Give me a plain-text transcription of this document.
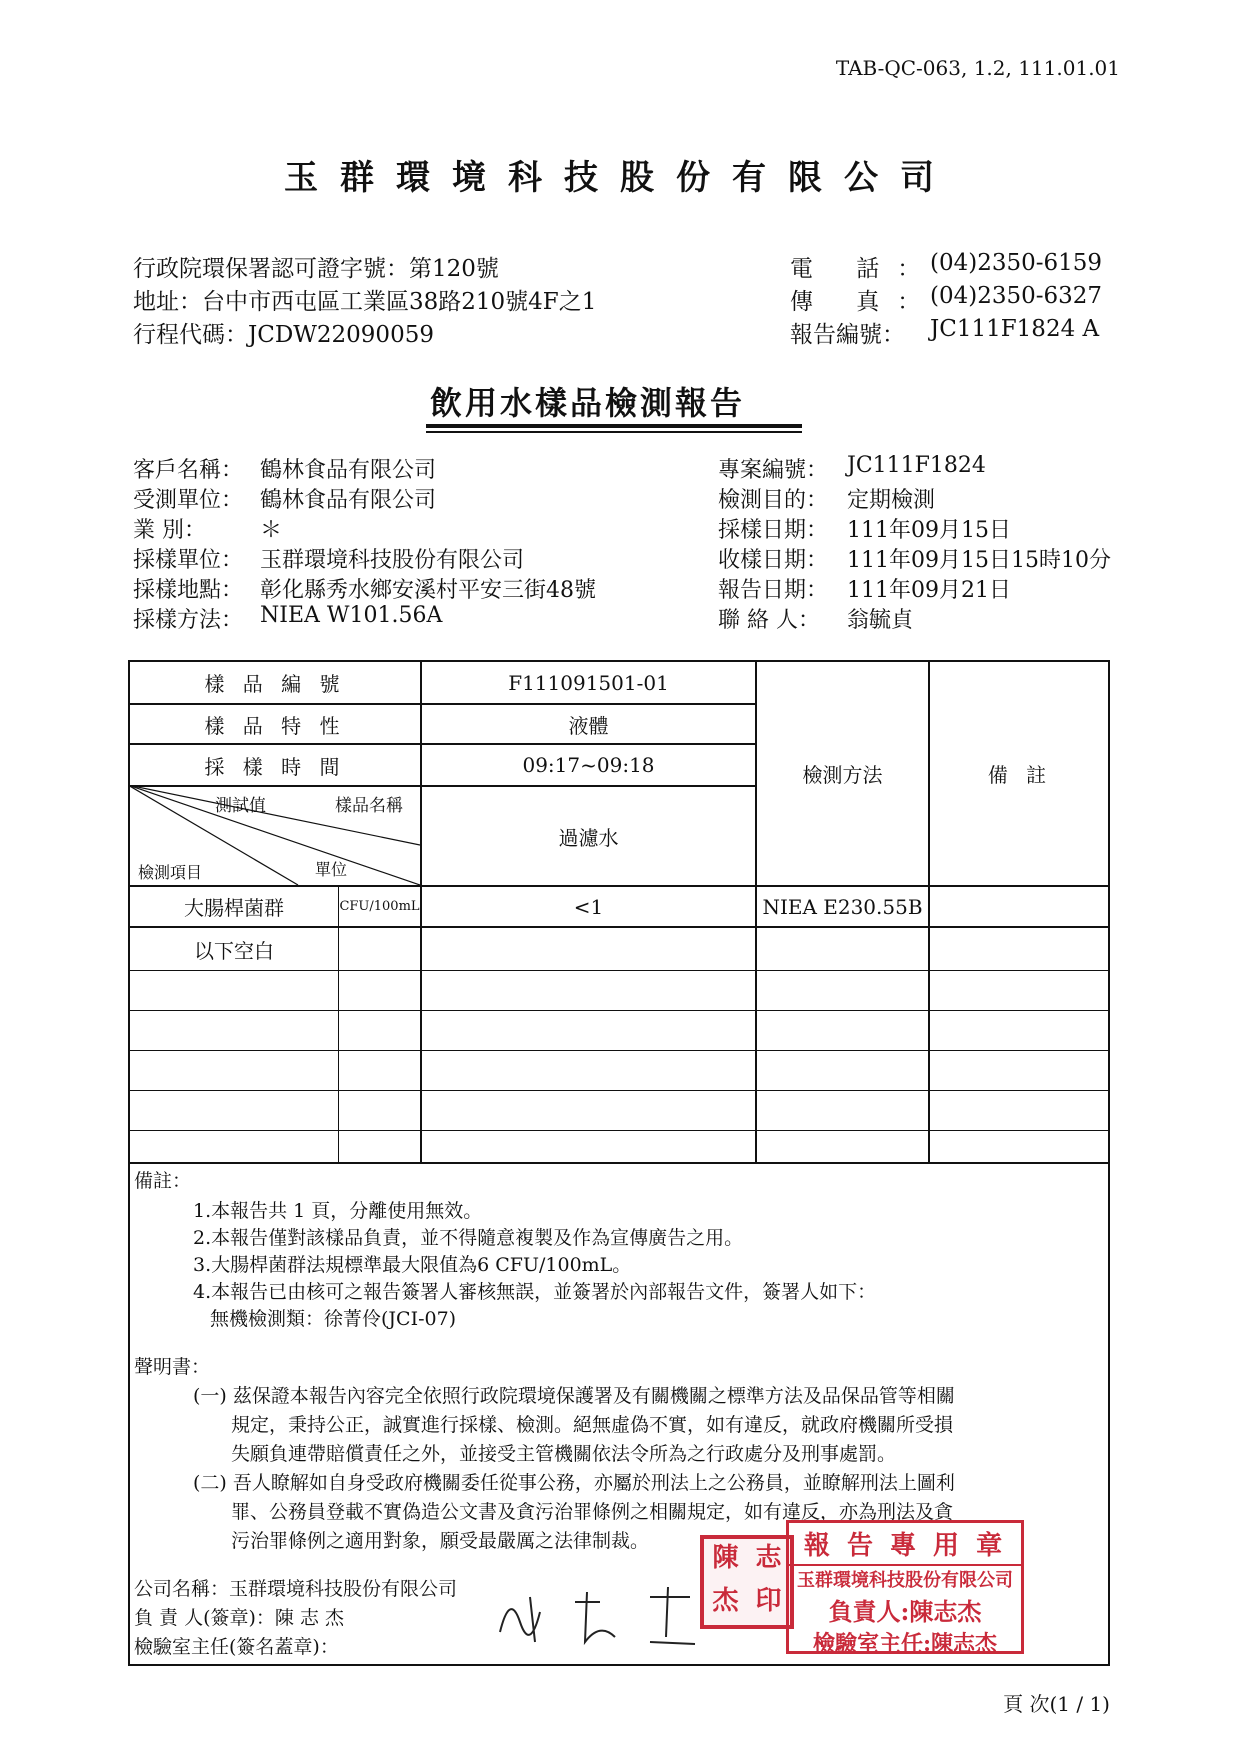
TAB-QC-063, 1.2, 111.01.01
玉群環境科技股份有限公司
行政院環保署認可證字號：第120號
地址：台中市西屯區工業區38路210號4F之1
行程代碼：JCDW22090059
電 話：
(04)2350-6159
傳 真：
(04)2350-6327
報告編號： JC111F1824 A
飲用水樣品檢測報告
客戶名稱： 鶴林食品有限公司
受測單位： 鶴林食品有限公司
業 別： ＊
採樣單位： 玉群環境科技股份有限公司
採樣地點： 彰化縣秀水鄉安溪村平安三街48號
採樣方法： NIEA W101.56A
專案編號： JC111F1824
檢測目的： 定期檢測
採樣日期： 111年09月15日
收樣日期： 111年09月15日15時10分
報告日期： 111年09月21日
聯 絡 人： 翁毓貞
樣 品 編 號	F111091501-01
樣 品 特 性	液體
採 樣 時 間	09:17~09:18	檢測方法	備 註
測試值	樣品名稱
檢測項目	單位
過濾水
大腸桿菌群	CFU/100mL	<1	NIEA E230.55B
以下空白
備註：
1.本報告共 1 頁，分離使用無效。
2.本報告僅對該樣品負責，並不得隨意複製及作為宣傳廣告之用。
3.大腸桿菌群法規標準最大限值為6 CFU/100mL。
4.本報告已由核可之報告簽署人審核無誤，並簽署於內部報告文件，簽署人如下：
無機檢測類：徐菁伶(JCI-07)
聲明書：
(一) 茲保證本報告內容完全依照行政院環境保護署及有關機關之標準方法及品保品管等相關
規定，秉持公正，誠實進行採樣、檢測。絕無虛偽不實，如有違反，就政府機關所受損
失願負連帶賠償責任之外，並接受主管機關依法令所為之行政處分及刑事處罰。
(二) 吾人瞭解如自身受政府機關委任從事公務，亦屬於刑法上之公務員，並瞭解刑法上圖利
罪、公務員登載不實偽造公文書及貪污治罪條例之相關規定，如有違反，亦為刑法及貪
污治罪條例之適用對象，願受最嚴厲之法律制裁。
公司名稱：玉群環境科技股份有限公司
負 責 人(簽章)：陳 志 杰
檢驗室主任(簽名蓋章)：
陳 志
杰 印
報 告 專 用 章
玉群環境科技股份有限公司
負責人:陳志杰
檢驗室主任:陳志杰
頁 次(1 / 1)
